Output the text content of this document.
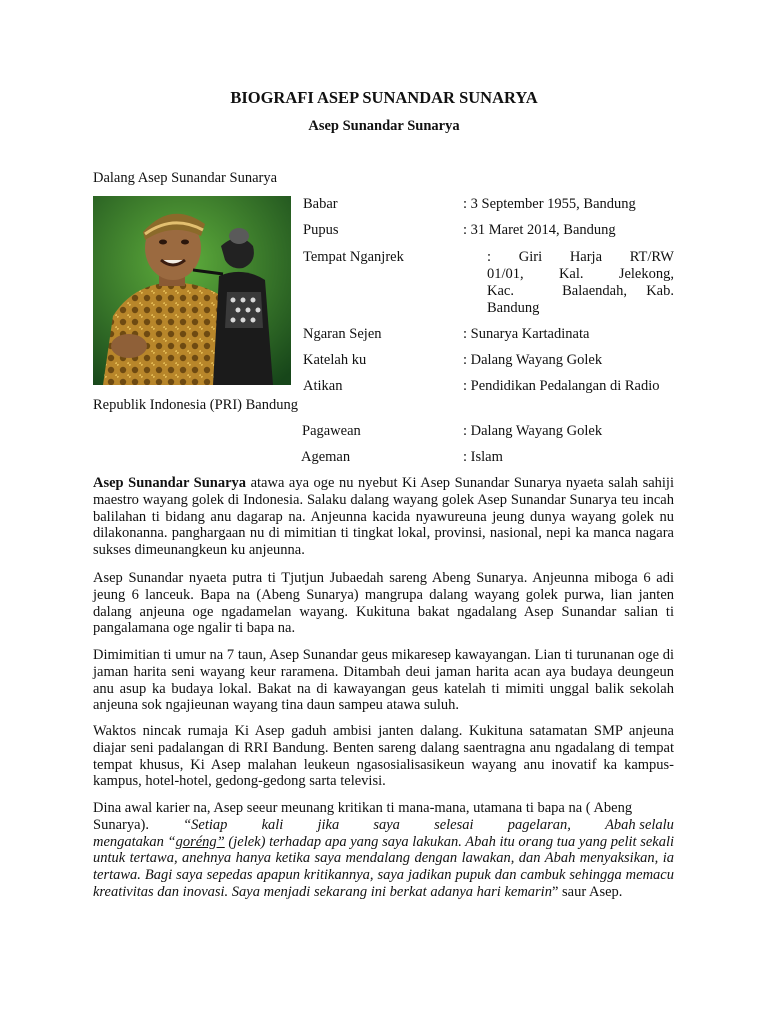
BIOGRAFI ASEP SUNANDAR SUNARYA
Asep Sunandar Sunarya
Dalang Asep Sunandar Sunarya
Babar	: 3 September 1955, Bandung
Pupus	: 31 Maret 2014, Bandung
Tempat Nganjrek	:  Giri  Harja  RT/RW
01/01,   Kal.   Jelekong,
Kac.     Balaendah,  Kab.
Bandung
Ngaran Sejen	: Sunarya Kartadinata
Katelah ku	: Dalang Wayang Golek
Atikan	: Pendidikan Pedalangan di Radio
Republik Indonesia (PRI) Bandung
Pagawean	: Dalang Wayang Golek
Ageman	: Islam

Asep Sunandar Sunarya atawa aya oge nu nyebut Ki Asep Sunandar Sunarya nyaeta salah sahiji maestro wayang golek di Indonesia. Salaku dalang wayang golek Asep Sunandar Sunarya teu incah balilahan ti bidang anu dagarap na. Anjeunna kacida nyawureuna jeung dunya wayang golek nu dilakonanna. panghargaan nu di mimitian ti tingkat lokal, provinsi, nasional, nepi ka manca nagara sukses dimeunangkeun ku anjeunna.

Asep Sunandar nyaeta putra ti Tjutjun Jubaedah sareng Abeng Sunarya. Anjeunna miboga 6 adi jeung 6 lanceuk. Bapa na (Abeng Sunarya) mangrupa dalang wayang golek purwa, lian janten dalang anjeuna oge ngadamelan wayang. Kukituna bakat ngadalang Asep Sunandar salian ti pangalamana oge ngalir ti bapa na.

Dimimitian ti umur na 7 taun, Asep Sunandar geus mikaresep kawayangan. Lian ti turunanan oge di jaman harita seni wayang keur raramena. Ditambah deui jaman harita acan aya budaya deungeun anu asup ka budaya lokal. Bakat na di kawayangan geus katelah ti mimiti unggal balik sekolah anjeuna sok ngajieunan wayang tina daun sampeu atawa suluh.

Waktos nincak rumaja Ki Asep gaduh ambisi janten dalang. Kukituna satamatan SMP anjeuna diajar seni padalangan di RRI Bandung. Benten sareng dalang saentragna anu ngadalang di tempat tempat khusus, Ki Asep malahan leukeun ngasosialisasikeun wayang anu inovatif ka kampus-kampus, hotel-hotel, gedong-gedong sarta televisi.

Dina awal karier na, Asep seeur meunang kritikan ti mana-mana, utamana ti bapa na ( Abeng
Sunarya). “Setiap kali jika saya selesai pagelaran, Abah selalu
mengatakan “goréng” (jelek) terhadap apa yang saya lakukan. Abah itu orang tua yang pelit sekali untuk tertawa, anehnya hanya ketika saya mendalang dengan lawakan, dan Abah menyaksikan, ia tertawa. Bagi saya sepedas apapun kritikannya, saya jadikan pupuk dan cambuk sehingga memacu kreativitas dan inovasi. Saya menjadi sekarang ini berkat adanya hari kemarin” saur Asep.
